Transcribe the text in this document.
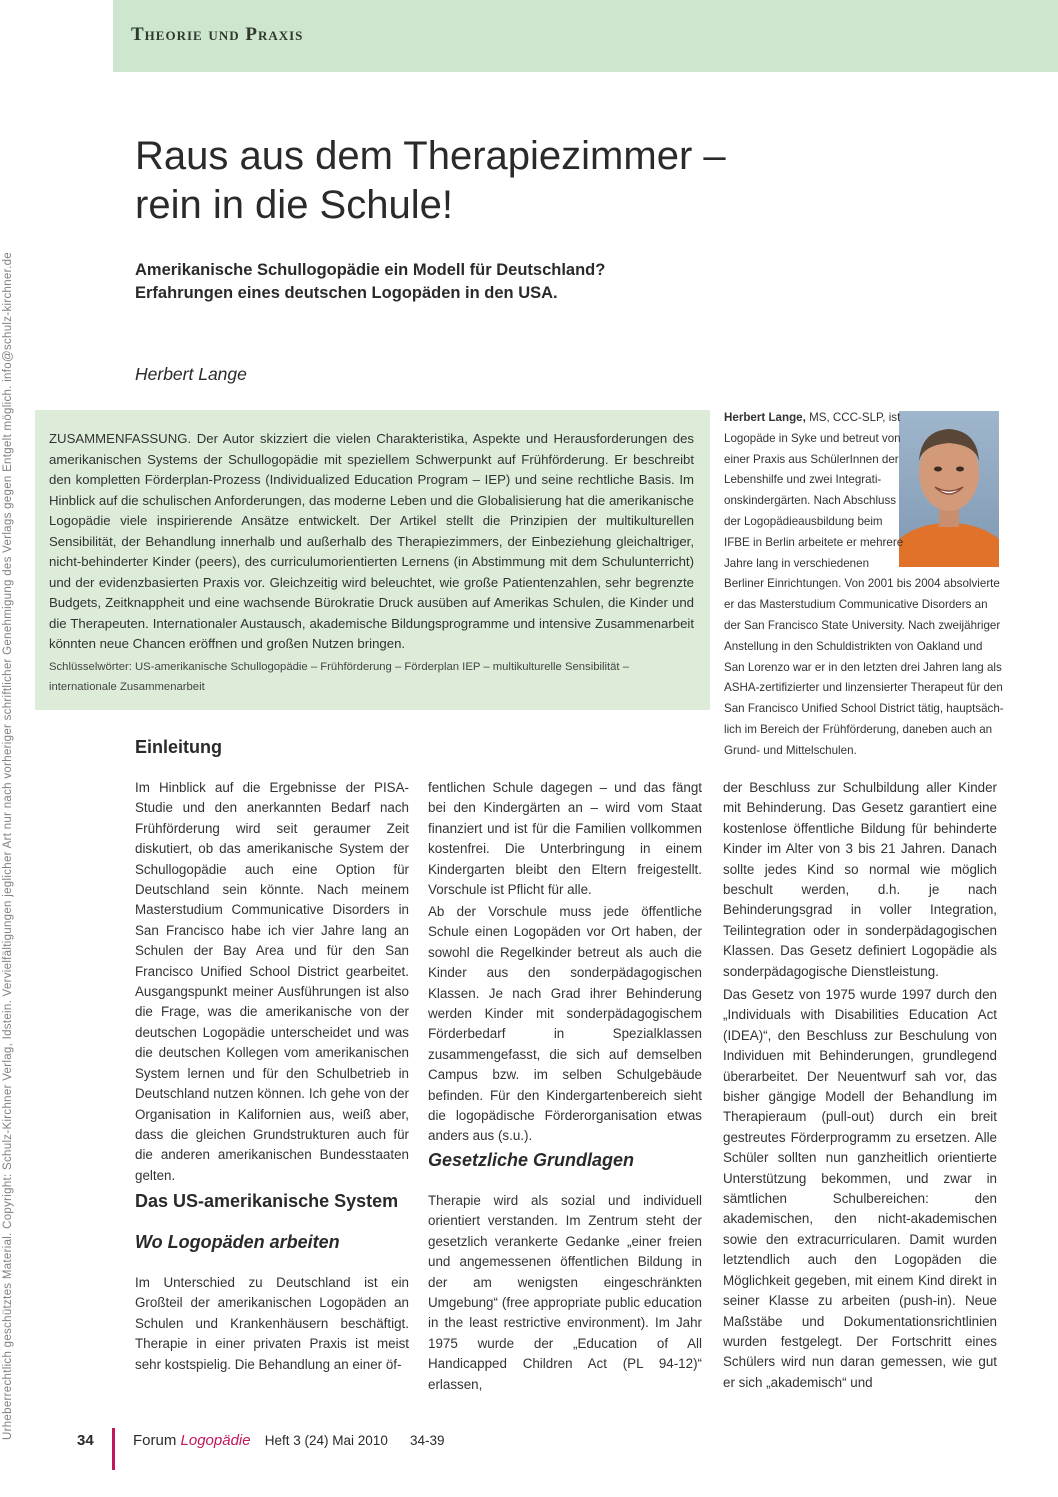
Theorie und Praxis
Urheberrechtlich geschütztes Material. Copyright: Schulz-Kirchner Verlag, Idstein. Vervielfältigungen jeglicher Art nur nach vorheriger schriftlicher Genehmigung des Verlags gegen Entgelt möglich. info@schulz-kirchner.de
Raus aus dem Therapiezimmer –
rein in die Schule!
Amerikanische Schullogopädie ein Modell für Deutschland?
Erfahrungen eines deutschen Logopäden in den USA.
Herbert Lange

ZUSAMMENFASSUNG. Der Autor skizziert die vielen Charakteristika, Aspekte und Herausforderungen des amerikanischen Systems der Schullogopädie mit speziellem Schwerpunkt auf Frühförderung. Er beschreibt den kompletten Förderplan-Prozess (Individualized Education Program – IEP) und seine rechtliche Basis. Im Hinblick auf die schulischen Anforderungen, das moderne Leben und die Globalisierung hat die amerikanische Logopädie viele inspirierende Ansätze entwickelt. Der Artikel stellt die Prinzipien der multikulturellen Sensibilität, der Behandlung innerhalb und außerhalb des Therapiezimmers, der Einbeziehung gleichaltriger, nicht-behinderter Kinder (peers), des curriculumorientierten Lernens (in Abstimmung mit dem Schulunterricht) und der evidenzbasierten Praxis vor. Gleichzeitig wird beleuchtet, wie große Patientenzahlen, sehr begrenzte Budgets, Zeitknappheit und eine wachsende Bürokratie Druck ausüben auf Amerikas Schulen, die Kinder und die Therapeuten. Internationaler Austausch, akademische Bildungsprogramme und intensive Zusammenarbeit könnten neue Chancen eröffnen und großen Nutzen bringen.

Schlüsselwörter: US-amerikanische Schullogopädie – Frühförderung – Förderplan IEP – multikulturelle Sensibilität – internationale Zusammenarbeit

Herbert Lange, MS, CCC-SLP, ist
Logopäde in Syke und betreut von
einer Praxis aus SchülerInnen der
Lebenshilfe und zwei Integrati-
onskindergärten. Nach Abschluss
der Logopädieausbildung beim
IFBE in Berlin arbeitete er mehrere
Jahre lang in verschiedenen
Berliner Einrichtungen. Von 2001 bis 2004 absolvierte
er das Masterstudium Communicative Disorders an
der San Francisco State University. Nach zweijähriger
Anstellung in den Schuldistrikten von Oakland und
San Lorenzo war er in den letzten drei Jahren lang als
ASHA-zertifizierter und linzensierter Therapeut für den
San Francisco Unified School District tätig, hauptsäch-
lich im Bereich der Frühförderung, daneben auch an
Grund- und Mittelschulen.
Einleitung

Im Hinblick auf die Ergebnisse der PISA-Studie und den anerkannten Bedarf nach Frühförderung wird seit geraumer Zeit diskutiert, ob das amerikanische System der Schullogopädie auch eine Option für Deutschland sein könnte. Nach meinem Masterstudium Communicative Disorders in San Francisco habe ich vier Jahre lang an Schulen der Bay Area und für den San Francisco Unified School District gearbeitet. Ausgangspunkt meiner Ausführungen ist also die Frage, was die amerikanische von der deutschen Logopädie unterscheidet und was die deutschen Kollegen vom amerikanischen System lernen und für den Schulbetrieb in Deutschland nutzen können. Ich gehe von der Organisation in Kalifornien aus, weiß aber, dass die gleichen Grundstrukturen auch für die anderen amerikanischen Bundesstaaten gelten.

Das US-amerikanische System
Wo Logopäden arbeiten

Im Unterschied zu Deutschland ist ein Großteil der amerikanischen Logopäden an Schulen und Krankenhäusern beschäftigt. Therapie in einer privaten Praxis ist meist sehr kostspielig. Die Behandlung an einer öf-

fentlichen Schule dagegen – und das fängt bei den Kindergärten an – wird vom Staat finanziert und ist für die Familien vollkommen kostenfrei. Die Unterbringung in einem Kindergarten bleibt den Eltern freigestellt. Vorschule ist Pflicht für alle.

Ab der Vorschule muss jede öffentliche Schule einen Logopäden vor Ort haben, der sowohl die Regelkinder betreut als auch die Kinder aus den sonderpädagogischen Klassen. Je nach Grad ihrer Behinderung werden Kinder mit sonderpädagogischem Förderbedarf in Spezialklassen zusammengefasst, die sich auf demselben Campus bzw. im selben Schulgebäude befinden. Für den Kindergartenbereich sieht die logopädische Förderorganisation etwas anders aus (s.u.).

Gesetzliche Grundlagen

Therapie wird als sozial und individuell orientiert verstanden. Im Zentrum steht der gesetzlich verankerte Gedanke „einer freien und angemessenen öffentlichen Bildung in der am wenigsten eingeschränkten Umgebung“ (free appropriate public education in the least restrictive environment). Im Jahr 1975 wurde der „Education of All Handicapped Children Act (PL 94-12)“ erlassen,

der Beschluss zur Schulbildung aller Kinder mit Behinderung. Das Gesetz garantiert eine kostenlose öffentliche Bildung für behinderte Kinder im Alter von 3 bis 21 Jahren. Danach sollte jedes Kind so normal wie möglich beschult werden, d.h. je nach Behinderungsgrad in voller Integration, Teilintegration oder in sonderpädagogischen Klassen. Das Gesetz definiert Logopädie als sonderpädagogische Dienstleistung.

Das Gesetz von 1975 wurde 1997 durch den „Individuals with Disabilities Education Act (IDEA)“, den Beschluss zur Beschulung von Individuen mit Behinderungen, grundlegend überarbeitet. Der Neuentwurf sah vor, das bisher gängige Modell der Behandlung im Therapieraum (pull-out) durch ein breit gestreutes Förderprogramm zu ersetzen. Alle Schüler sollten nun ganzheitlich orientierte Unterstützung bekommen, und zwar in sämtlichen Schulbereichen: den akademischen, den nicht-akademischen sowie den extracurricularen. Damit wurden letztendlich auch den Logopäden die Möglichkeit gegeben, mit einem Kind direkt in seiner Klasse zu arbeiten (push-in). Neue Maßstäbe und Dokumentationsrichtlinien wurden festgelegt. Der Fortschritt eines Schülers wird nun daran gemessen, wie gut er sich „akademisch“ und

34	Forum Logopädie Heft 3 (24) Mai 2010 34-39
